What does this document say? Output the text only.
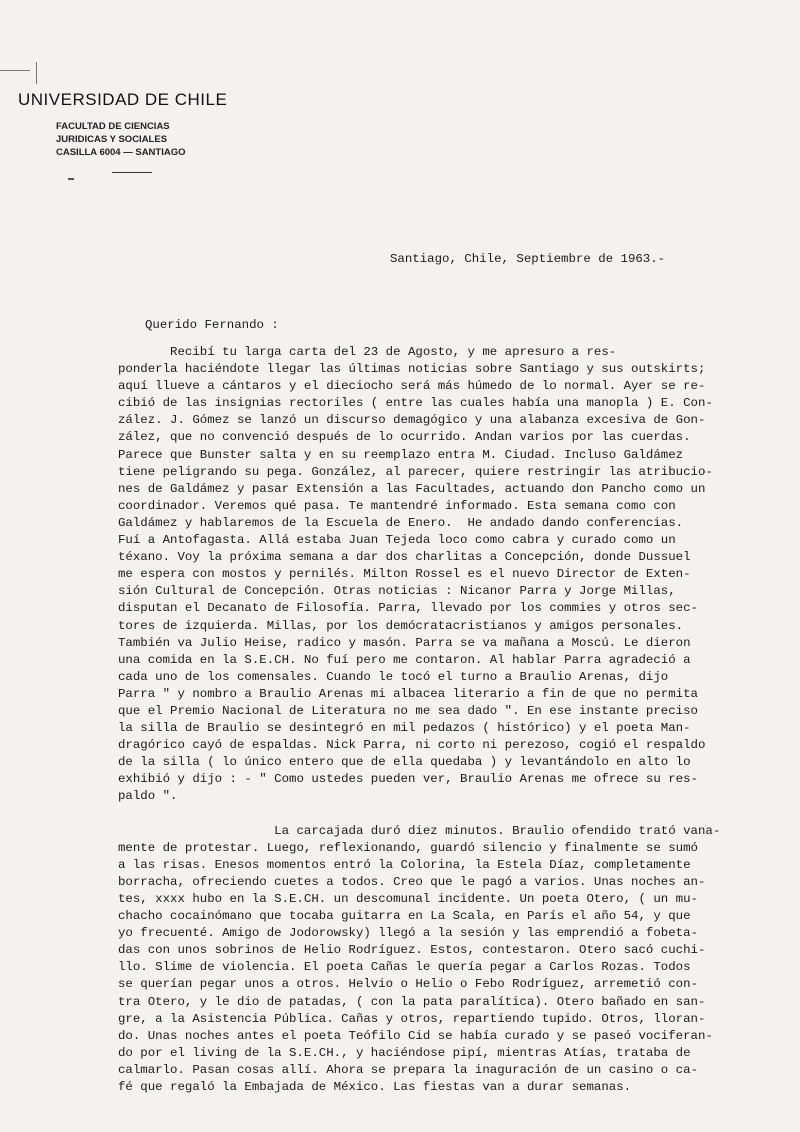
UNIVERSIDAD DE CHILE

FACULTAD DE CIENCIAS
JURIDICAS Y SOCIALES
CASILLA 6004 — SANTIAGO
Santiago, Chile, Septiembre de 1963.-
Querido Fernando :
Recibí tu larga carta del 23 de Agosto, y me apresuro a res-
ponderla haciéndote llegar las últimas noticias sobre Santiago y sus outskirts;
aquí llueve a cántaros y el dieciocho será más húmedo de lo normal. Ayer se re-
cibió de las insignias rectoriles ( entre las cuales había una manopla ) E. Con-
zález. J. Gómez se lanzó un discurso demagógico y una alabanza excesiva de Gon-
zález, que no convenció después de lo ocurrido. Andan varios por las cuerdas.
Parece que Bunster salta y en su reemplazo entra M. Ciudad. Incluso Galdámez
tiene peligrando su pega. González, al parecer, quiere restringir las atribucio-
nes de Galdámez y pasar Extensión a las Facultades, actuando don Pancho como un
coordinador. Veremos qué pasa. Te mantendré informado. Esta semana como con
Galdámez y hablaremos de la Escuela de Enero.  He andado dando conferencias.
Fuí a Antofagasta. Allá estaba Juan Tejeda loco como cabra y curado como un
téxano. Voy la próxima semana a dar dos charlitas a Concepción, donde Dussuel
me espera con mostos y pernilés. Milton Rossel es el nuevo Director de Exten-
sión Cultural de Concepción. Otras noticias : Nicanor Parra y Jorge Millas,
disputan el Decanato de Filosofía. Parra, llevado por los commies y otros sec-
tores de izquierda. Millas, por los demócratacristianos y amigos personales.
También va Julio Heise, radico y masón. Parra se va mañana a Moscú. Le dieron
una comida en la S.E.CH. No fuí pero me contaron. Al hablar Parra agradeció a
cada uno de los comensales. Cuando le tocó el turno a Braulio Arenas, dijo
Parra " y nombro a Braulio Arenas mi albacea literario a fin de que no permita
que el Premio Nacional de Literatura no me sea dado ". En ese instante preciso
la silla de Braulio se desintegró en mil pedazos ( histórico) y el poeta Man-
dragórico cayó de espaldas. Nick Parra, ni corto ni perezoso, cogió el respaldo
de la silla ( lo único entero que de ella quedaba ) y levantándolo en alto lo
exhibió y dijo : - " Como ustedes pueden ver, Braulio Arenas me ofrece su res-
paldo ".
La carcajada duró diez minutos. Braulio ofendido trató vana-
mente de protestar. Luego, reflexionando, guardó silencio y finalmente se sumó
a las risas. Enesos momentos entró la Colorina, la Estela Díaz, completamente
borracha, ofreciendo cuetes a todos. Creo que le pagó a varios. Unas noches an-
tes, xxxx hubo en la S.E.CH. un descomunal incidente. Un poeta Otero, ( un mu-
chacho cocainómano que tocaba guitarra en La Scala, en París el año 54, y que
yo frecuenté. Amigo de Jodorowsky) llegó a la sesión y las emprendió a fobeta-
das con unos sobrinos de Helio Rodríguez. Estos, contestaron. Otero sacó cuchi-
llo. Slime de violencia. El poeta Cañas le quería pegar a Carlos Rozas. Todos
se querían pegar unos a otros. Helvio o Helio o Febo Rodríguez, arremetió con-
tra Otero, y le dio de patadas, ( con la pata paralítica). Otero bañado en san-
gre, a la Asistencia Pública. Cañas y otros, repartiendo tupido. Otros, lloran-
do. Unas noches antes el poeta Teófilo Cid se había curado y se paseó vociferan-
do por el living de la S.E.CH., y haciéndose pipí, mientras Atías, trataba de
calmarlo. Pasan cosas allí. Ahora se prepara la inaguración de un casino o ca-
fé que regaló la Embajada de México. Las fiestas van a durar semanas.
